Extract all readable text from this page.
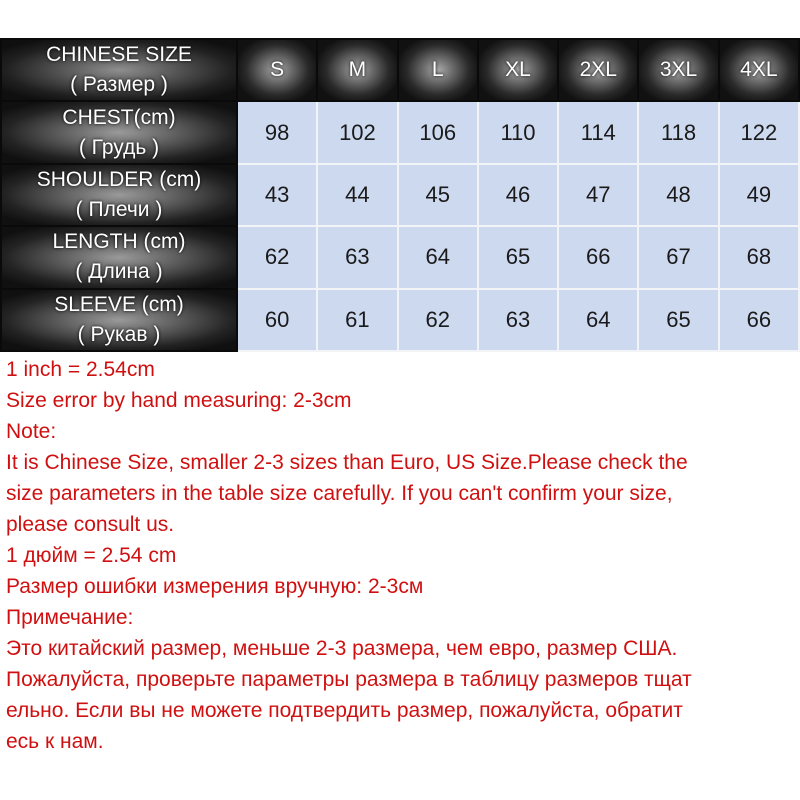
CHINESE SIZE
( Размер )	S	M	L	XL	2XL	3XL	4XL

CHEST(cm)
( Грудь )	98	102	106	110	114	118	122

SHOULDER (cm)
( Плечи )	43	44	45	46	47	48	49

LENGTH (cm)
( Длина )	62	63	64	65	66	67	68

SLEEVE (cm)
( Рукав )	60	61	62	63	64	65	66

1 inch = 2.54cm

Size error by hand measuring: 2-3cm

Note:

It is Chinese Size, smaller 2-3 sizes than Euro, US Size.Please check the

size parameters in the table size carefully. If you can't confirm your size,

please consult us.

1 дюйм = 2.54 cm

Размер ошибки измерения вручную: 2-3см

Примечание:

Это китайский размер, меньше 2-3 размера, чем евро, размер США.

Пожалуйста, проверьте параметры размера в таблицу размеров тщат

ельно. Если вы не можете подтвердить размер, пожалуйста, обратит

есь к нам.
